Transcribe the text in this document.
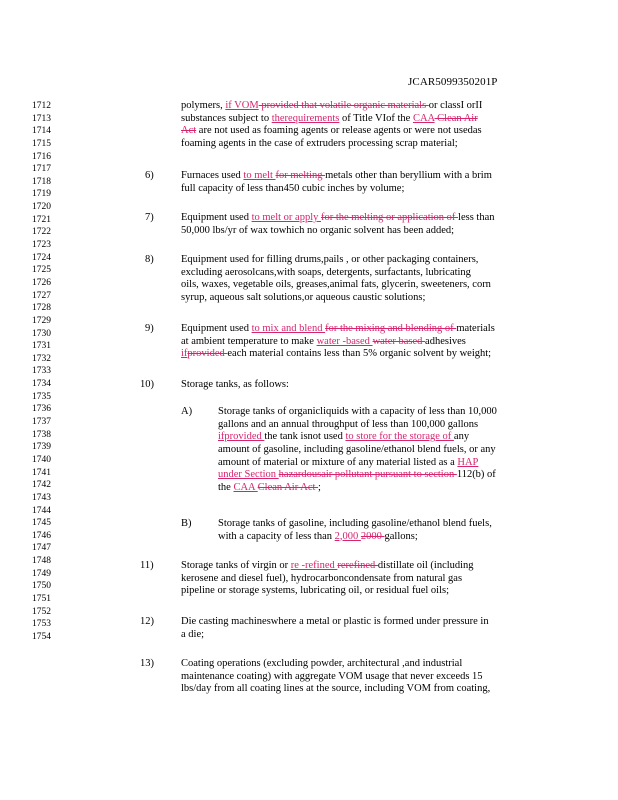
JCAR5099350201P
1712
1713
1714
1715
1716
1717
1718
1719
1720
1721
1722
1723
1724
1725
1726
1727
1728
1729
1730
1731
1732
1733
1734
1735
1736
1737
1738
1739
1740
1741
1742
1743
1744
1745
1746
1747
1748
1749
1750
1751
1752
1753
1754
polymers, if VOM provided that volatile organic materials or classI orII
substances subject to therequirements of Title VIof the CAA Clean Air
Act are not used as foaming agents or release agents or were not usedas
foaming agents in the case of extruders processing scrap material;
6)	Furnaces used to melt for melting metals other than beryllium with a brim
full capacity of less than450 cubic inches by volume;
7)	Equipment used to melt or apply for the melting or application of less than
50,000 lbs/yr of wax towhich no organic solvent has been added;
8)	Equipment used for filling drums,pails , or other packaging containers,
excluding aerosolcans,with soaps, detergents, surfactants, lubricating
oils, waxes, vegetable oils, greases,animal fats, glycerin, sweeteners, corn
syrup, aqueous salt solutions,or aqueous caustic solutions;
9)	Equipment used to mix and blend for the mixing and blending of materials
at ambient temperature to make water -based water based adhesives
ifprovided each material contains less than 5% organic solvent by weight;
10)	Storage tanks, as follows:
A) Storage tanks of organicliquids with a capacity of less than 10,000
gallons and an annual throughput of less than 100,000 gallons
ifprovided the tank isnot used to store for the storage of any
amount of gasoline, including gasoline/ethanol blend fuels, or any
amount of material or mixture of any material listed as a HAP
under Section hazardousair pollutant pursuant to section 112(b) of
the CAA Clean Air Act ;
B)	Storage tanks of gasoline, including gasoline/ethanol blend fuels,
with a capacity of less than 2,000 2000 gallons;
11)	Storage tanks of virgin or re -refined rerefined distillate oil (including
kerosene and diesel fuel), hydrocarboncondensate from natural gas
pipeline or storage systems, lubricating oil, or residual fuel oils;
12)	Die casting machineswhere a metal or plastic is formed under pressure in
a die;
13)	Coating operations (excluding powder, architectural ,and industrial
maintenance coating) with aggregate VOM usage that never exceeds 15
lbs/day from all coating lines at the source, including VOM from coating,
